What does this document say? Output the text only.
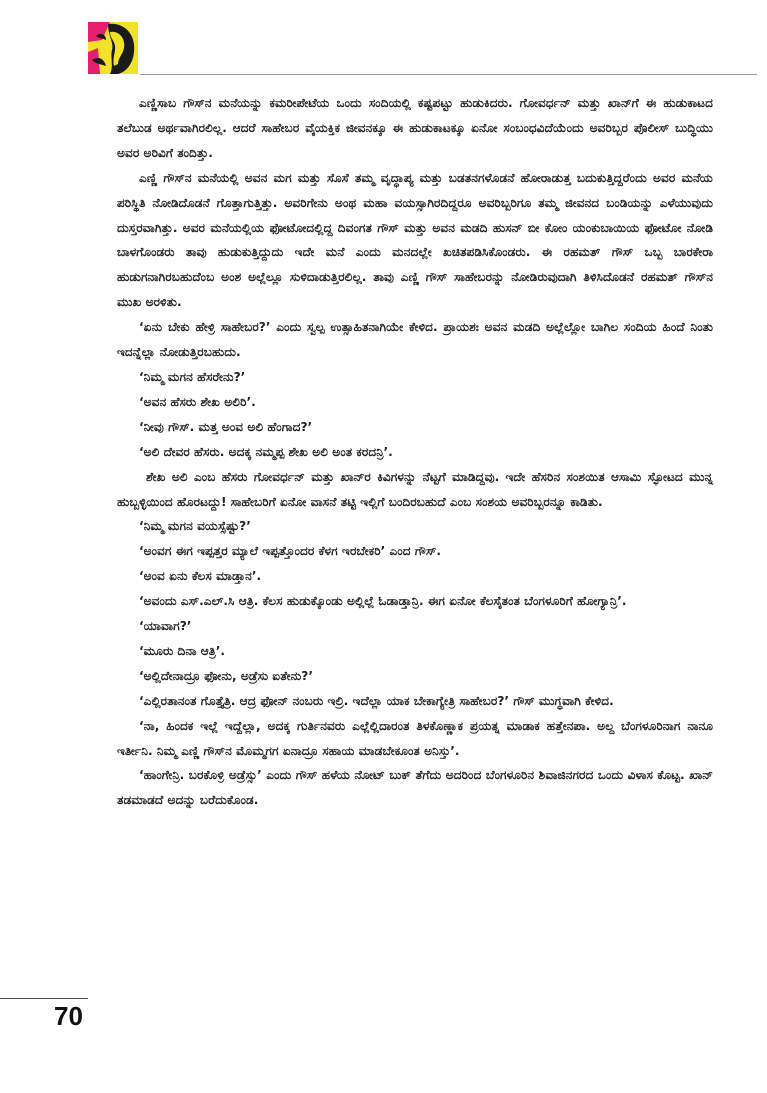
ಎಣ್ಣಿಸಾಬ ಗೌಸ್‌ನ ಮನೆಯನ್ನು ಕಮರೀಪೇಟೆಯ ಒಂದು ಸಂದಿಯಲ್ಲಿ ಕಷ್ಟಪಟ್ಟು ಹುಡುಕಿದರು. ಗೋವರ್ಧನ್ ಮತ್ತು ಖಾನ್‌ಗೆ ಈ ಹುಡುಕಾಟದ ತಲೆಬುಡ ಅರ್ಥವಾಗಿರಲಿಲ್ಲ. ಆದರೆ ಸಾಹೇಬರ ವೈಯಕ್ತಿಕ ಜೀವನಕ್ಕೂ ಈ ಹುಡುಕಾಟಕ್ಕೂ ಏನೋ ಸಂಬಂಧವಿದೆಯೆಂದು ಅವರಿಬ್ಬರ ಪೊಲೀಸ್ ಬುದ್ಧಿಯು ಅವರ ಅರಿವಿಗೆ ತಂದಿತ್ತು.

ಎಣ್ಣಿ ಗೌಸ್‌ನ ಮನೆಯಲ್ಲಿ ಅವನ ಮಗ ಮತ್ತು ಸೊಸೆ ತಮ್ಮ ವೃದ್ಧಾಪ್ಯ ಮತ್ತು ಬಡತನಗಳೊಡನೆ ಹೋರಾಡುತ್ತ ಬದುಕುತ್ತಿದ್ದರೆಂದು ಅವರ ಮನೆಯ ಪರಿಸ್ಥಿತಿ ನೋಡಿದೊಡನೆ ಗೊತ್ತಾಗುತ್ತಿತ್ತು. ಅವರಿಗೇನು ಅಂಥ ಮಹಾ ವಯಸ್ಸಾಗಿರದಿದ್ದರೂ ಅವರಿಬ್ಬರಿಗೂ ತಮ್ಮ ಜೀವನದ ಬಂಡಿಯನ್ನು ಎಳೆಯುವುದು ದುಸ್ತರವಾಗಿತ್ತು. ಅವರ ಮನೆಯಲ್ಲಿಯ ಫೋಟೋದಲ್ಲಿದ್ದ ದಿವಂಗತ ಗೌಸ್ ಮತ್ತು ಅವನ ಮಡದಿ ಹುಸನ್ ಬೀ ಕೋಂ ಯಂಕುಬಾಯಿಯ ಫೋಟೋ ನೋಡಿ ಬಾಳಗೊಂಡರು ತಾವು ಹುಡುಕುತ್ತಿದ್ದುದು ಇದೇ ಮನೆ ಎಂದು ಮನದಲ್ಲೇ ಖಚಿತಪಡಿಸಿಕೊಂಡರು. ಈ ರಹಮತ್ ಗೌಸ್ ಒಬ್ಬ ಬಾರಕೇರಾ ಹುಡುಗನಾಗಿರಬಹುದೆಂಬ ಅಂಶ ಅಲ್ಲೆಲ್ಲೂ ಸುಳಿದಾಡುತ್ತಿರಲಿಲ್ಲ. ತಾವು ಎಣ್ಣಿ ಗೌಸ್ ಸಾಹೇಬರನ್ನು ನೋಡಿರುವುದಾಗಿ ತಿಳಿಸಿದೊಡನೆ ರಹಮತ್ ಗೌಸ್‌ನ ಮುಖ ಅರಳಿತು.

‘ಏನು ಬೇಕು ಹೇಳ್ರಿ ಸಾಹೇಬರ?’ ಎಂದು ಸ್ವಲ್ಪ ಉತ್ಸಾಹಿತನಾಗಿಯೇ ಕೇಳಿದ. ಪ್ರಾಯಶಃ ಅವನ ಮಡದಿ ಅಲ್ಲೆಲ್ಲೋ ಬಾಗಿಲ ಸಂದಿಯ ಹಿಂದೆ ನಿಂತು ಇದನ್ನೆಲ್ಲಾ ನೋಡುತ್ತಿರಬಹುದು.

‘ನಿಮ್ಮ ಮಗನ ಹೆಸರೇನು?’

‘ಅವನ ಹೆಸರು ಶೇಖ ಅಲಿರಿ’.

‘ನೀವು ಗೌಸ್. ಮತ್ತ ಅಂವ ಅಲಿ ಹೆಂಗಾದ?’

‘ಅಲಿ ದೇವರ ಹೆಸರು. ಅದಕ್ಕ ನಮ್ಮಪ್ಪ ಶೇಖ ಅಲಿ ಅಂತ ಕರದನ್ರಿ’.

ಶೇಖ ಅಲಿ ಎಂಬ ಹೆಸರು ಗೋವರ್ಧನ್ ಮತ್ತು ಖಾನ್‌ರ ಕಿವಿಗಳನ್ನು ನೆಟ್ಟಗೆ ಮಾಡಿದ್ದವು. ಇದೇ ಹೆಸರಿನ ಸಂಶಯಿತ ಆಸಾಮಿ ಸ್ಫೋಟದ ಮುನ್ನ ಹುಬ್ಬಳ್ಳಿಯಿಂದ ಹೊರಟದ್ದು! ಸಾಹೇಬರಿಗೆ ಏನೋ ವಾಸನೆ ತಟ್ಟಿ ಇಲ್ಲಿಗೆ ಬಂದಿರಬಹುದೆ ಎಂಬ ಸಂಶಯ ಅವರಿಬ್ಬರನ್ನೂ ಕಾಡಿತು.

‘ನಿಮ್ಮ ಮಗನ ವಯಸ್ಸೆಷ್ಟು?’

‘ಅಂವಗ ಈಗ ಇಪ್ಪತ್ತರ ಮ್ಯಾಲೆ ಇಪ್ಪತ್ತೊಂದರ ಕೆಳಗ ಇರಬೇಕರಿ’ ಎಂದ ಗೌಸ್.

‘ಅಂವ ಏನು ಕೆಲಸ ಮಾಡ್ತಾನ’.

‘ಅವಂದು ಎಸ್.ಎಲ್.ಸಿ ಆತ್ರಿ. ಕೆಲಸ ಹುಡುಕ್ಕೊಂಡು ಅಲ್ಲಿಲ್ಲೆ ಓಡಾಡ್ತಾನ್ರಿ. ಈಗ ಏನೋ ಕೆಲಸೈತಂತ ಬೆಂಗಳೂರಿಗೆ ಹೋಗ್ಯಾನ್ರಿ’.

‘ಯಾವಾಗ?’

‘ಮೂರು ದಿನಾ ಆತ್ರಿ’.

‘ಅಲ್ಲಿದೇನಾದ್ರೂ ಫೋನು, ಅಡ್ರೆಸು ಐತೇನು?’

‘ಎಲ್ಲಿರತಾನಂತ ಗೊತ್ತೈತ್ರಿ. ಆದ್ರ ಫೋನ್ ನಂಬರು ಇಲ್ರಿ. ಇದೆಲ್ಲಾ ಯಾಕ ಬೇಕಾಗ್ಯೇತ್ರಿ ಸಾಹೇಬರ?’ ಗೌಸ್ ಮುಗ್ಧವಾಗಿ ಕೇಳಿದ.

‘ನಾ, ಹಿಂದಕ ಇಲ್ಲೆ ಇದ್ದೆಲ್ಲಾ, ಅದಕ್ಕ ಗುರ್ತಿನವರು ಎಲ್ಲೆಲ್ಲಿದಾರಂತ ತಿಳಕೊಣ್ಣಾಕ ಪ್ರಯತ್ನ ಮಾಡಾಕ ಹತ್ತೇನಪಾ. ಅಲ್ದ ಬೆಂಗಳೂರಿನಾಗ ನಾನೂ ಇರ್ತೀನಿ. ನಿಮ್ಮ ಎಣ್ಣಿ ಗೌಸ್‌ನ ಮೊಮ್ಮಗಗ ಏನಾದ್ರೂ ಸಹಾಯ ಮಾಡಬೇಕೂಂತ ಅನಿಸ್ತು’.

‘ಹಾಂಗೇನ್ರಿ. ಬರಕೊಳ್ರಿ ಅಡ್ರೆಸ್ಸು’ ಎಂದು ಗೌಸ್ ಹಳೆಯ ನೋಟ್ ಬುಕ್ ತೆಗೆದು ಅದರಿಂದ ಬೆಂಗಳೂರಿನ ಶಿವಾಜಿನಗರದ ಒಂದು ವಿಳಾಸ ಕೊಟ್ಟ. ಖಾನ್ ತಡಮಾಡದೆ ಅದನ್ನು ಬರೆದುಕೊಂಡ.

70
